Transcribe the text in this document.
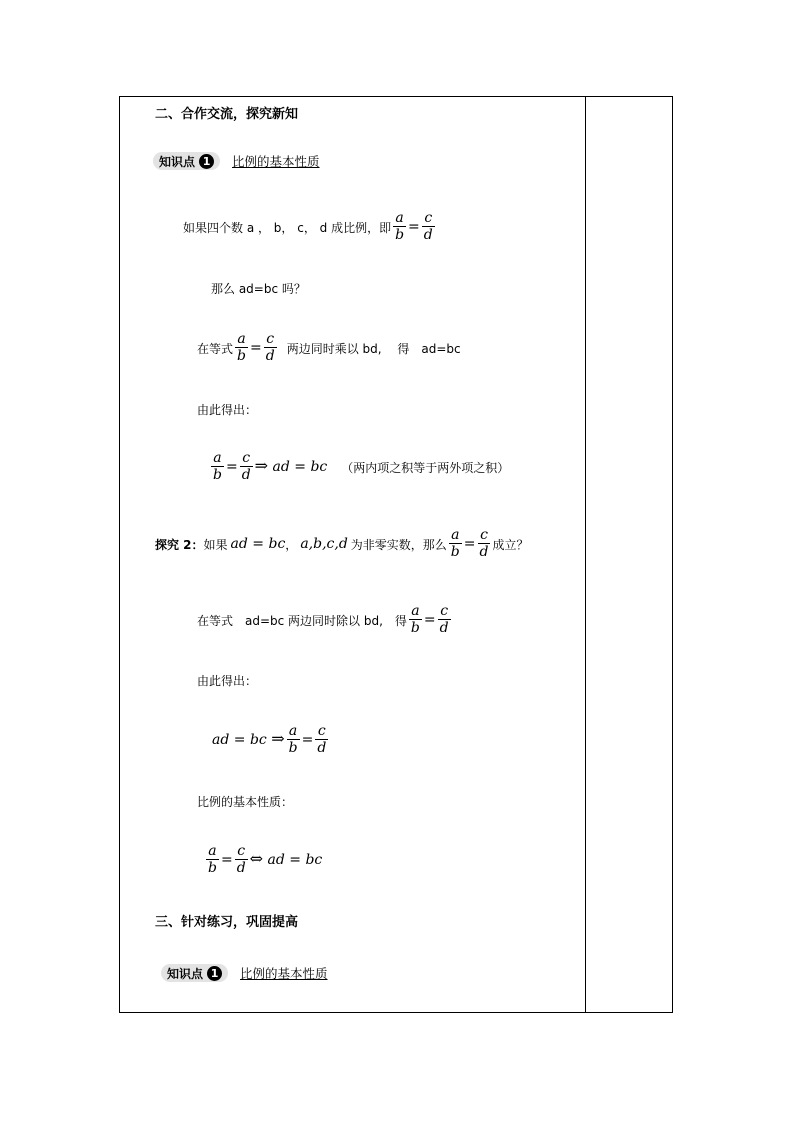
二、合作交流，探究新知
知识点 1 比例的基本性质
如果四个数 a ， b， c， d 成比例，即 $\frac{a}{b} = \frac{c}{d}$
那么 ad=bc 吗？
在等式 $\frac{a}{b} = \frac{c}{d}$ 两边同时乘以 bd,　 得　ad=bc
由此得出：
$\frac{a}{b} = \frac{c}{d}$ ⇒ ad = bc （两内项之积等于两外项之积）
探究 2： 如果 ad = bc ， a,b,c,d 为非零实数，那么 $\frac{a}{b} = \frac{c}{d}$ 成立？
在等式　ad=bc 两边同时除以 bd,　得 $\frac{a}{b} = \frac{c}{d}$
由此得出：
ad = bc ⇒ $\frac{a}{b} = \frac{c}{d}$
比例的基本性质：
$\frac{a}{b} = \frac{c}{d}$ ⇔ ad = bc
三、针对练习，巩固提高
知识点 1 比例的基本性质
